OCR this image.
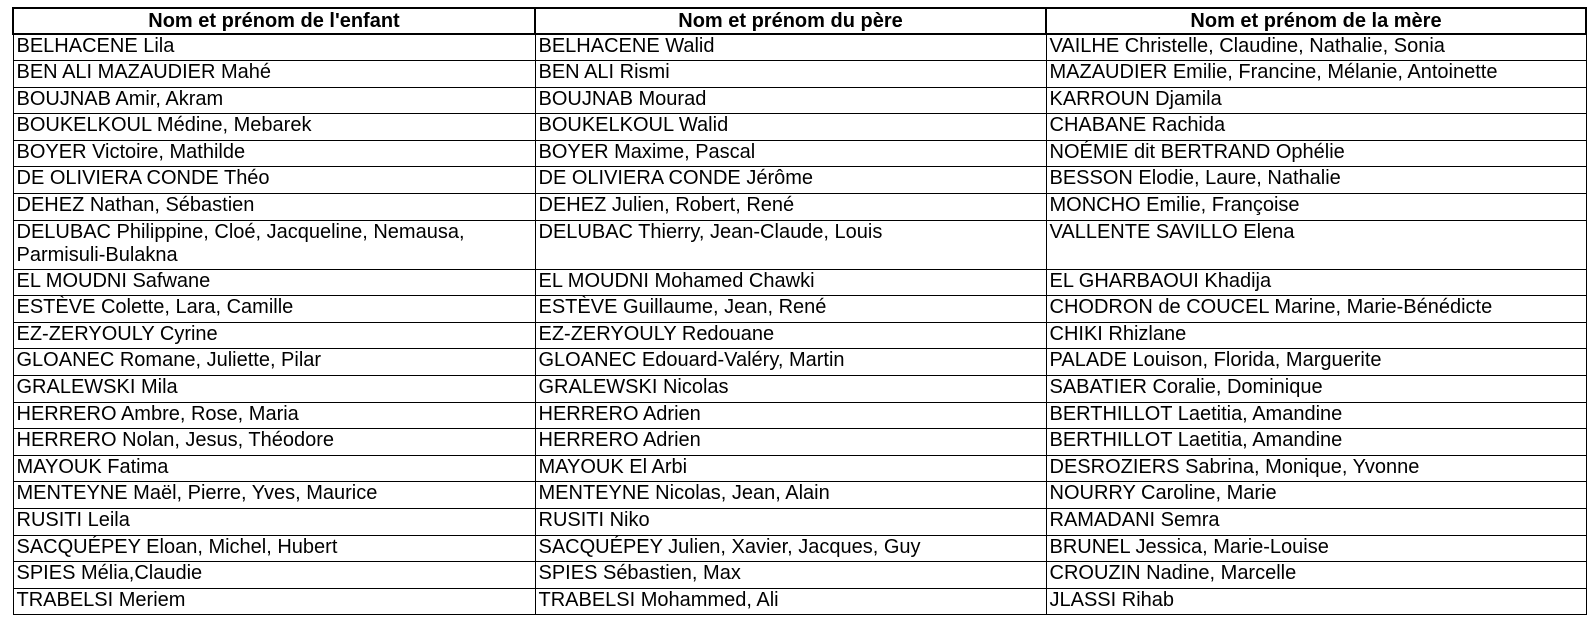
Nom et prénom de l'enfant	Nom et prénom du père	Nom et prénom de la mère
BELHACENE Lila	BELHACENE Walid	VAILHE Christelle, Claudine, Nathalie, Sonia
BEN ALI MAZAUDIER Mahé	BEN ALI Rismi	MAZAUDIER Emilie, Francine, Mélanie, Antoinette
BOUJNAB Amir, Akram	BOUJNAB Mourad	KARROUN Djamila
BOUKELKOUL Médine, Mebarek	BOUKELKOUL Walid	CHABANE Rachida
BOYER Victoire, Mathilde	BOYER Maxime, Pascal	NOÉMIE dit BERTRAND Ophélie
DE OLIVIERA CONDE Théo	DE OLIVIERA CONDE Jérôme	BESSON Elodie, Laure, Nathalie
DEHEZ Nathan, Sébastien	DEHEZ Julien, Robert, René	MONCHO Emilie, Françoise
DELUBAC Philippine, Cloé, Jacqueline, Nemausa, Parmisuli-Bulakna	DELUBAC Thierry, Jean-Claude, Louis	VALLENTE SAVILLO Elena
EL MOUDNI Safwane	EL MOUDNI Mohamed Chawki	EL GHARBAOUI Khadija
ESTÈVE Colette, Lara, Camille	ESTÈVE Guillaume, Jean, René	CHODRON de COUCEL Marine, Marie-Bénédicte
EZ-ZERYOULY Cyrine	EZ-ZERYOULY Redouane	CHIKI Rhizlane
GLOANEC Romane, Juliette, Pilar	GLOANEC Edouard-Valéry, Martin	PALADE Louison, Florida, Marguerite
GRALEWSKI Mila	GRALEWSKI Nicolas	SABATIER Coralie, Dominique
HERRERO Ambre, Rose, Maria	HERRERO Adrien	BERTHILLOT Laetitia, Amandine
HERRERO Nolan, Jesus, Théodore	HERRERO Adrien	BERTHILLOT Laetitia, Amandine
MAYOUK Fatima	MAYOUK El Arbi	DESROZIERS Sabrina, Monique, Yvonne
MENTEYNE Maël, Pierre, Yves, Maurice	MENTEYNE Nicolas, Jean, Alain	NOURRY Caroline, Marie
RUSITI Leila	RUSITI Niko	RAMADANI Semra
SACQUÉPEY Eloan, Michel, Hubert	SACQUÉPEY Julien, Xavier, Jacques, Guy	BRUNEL Jessica, Marie-Louise
SPIES Mélia,Claudie	SPIES Sébastien, Max	CROUZIN Nadine, Marcelle
TRABELSI Meriem	TRABELSI Mohammed, Ali	JLASSI Rihab
